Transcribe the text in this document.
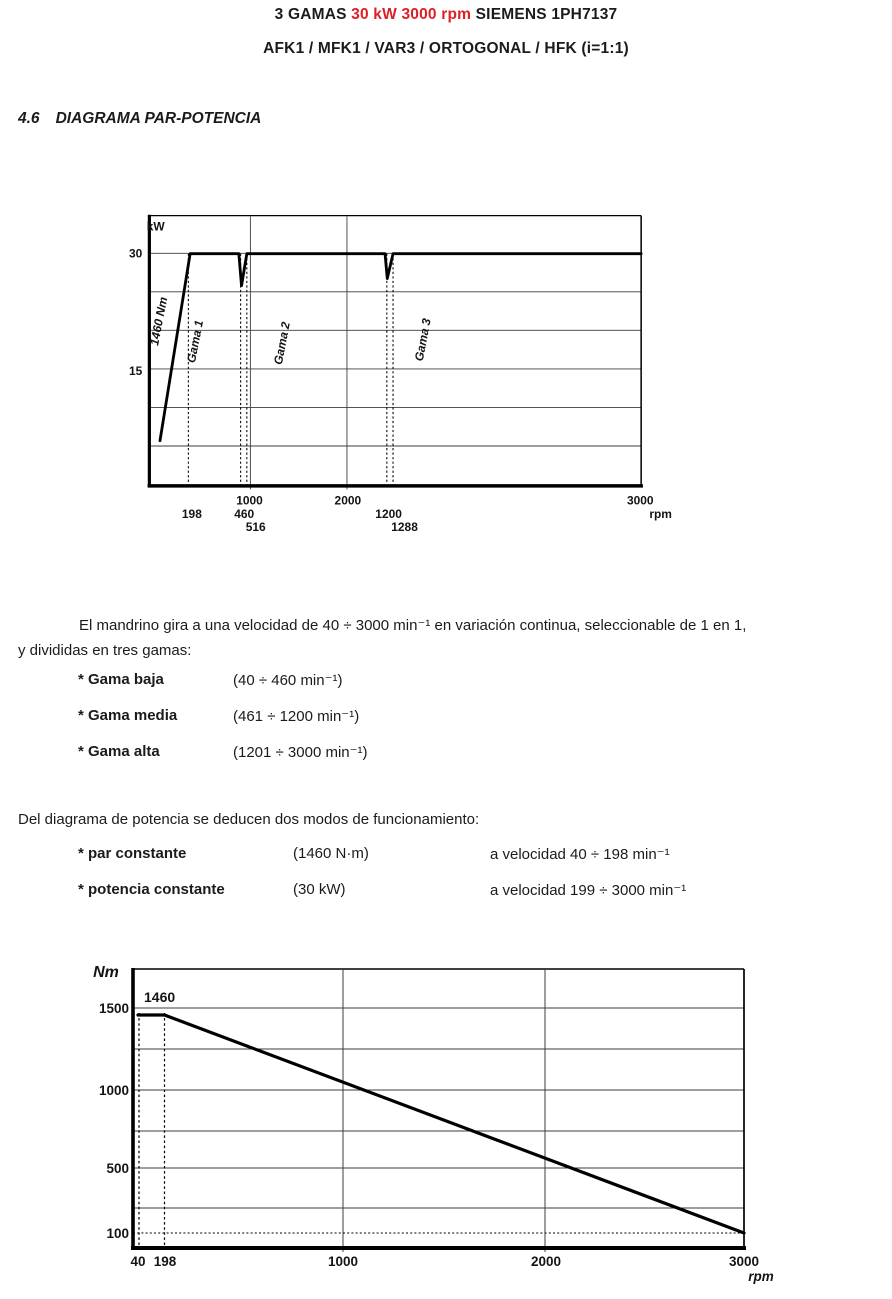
3 GAMAS 30 kW 3000 rpm SIEMENS 1PH7137
AFK1 / MFK1 / VAR3 / ORTOGONAL / HFK (i=1:1)
4.6 DIAGRAMA PAR-POTENCIA
kW
30
15
1460 Nm Gama 1	Gama 2	Gama 3
1000	2000	3000
198 460	1200	rpm
516	1288
El mandrino gira a una velocidad de 40 ÷ 3000 min⁻¹ en variación continua, seleccionable de 1 en 1,
y divididas en tres gamas:
* Gama baja	(40 ÷ 460 min⁻¹)
* Gama media	(461 ÷ 1200 min⁻¹)
* Gama alta	(1201 ÷ 3000 min⁻¹)
Del diagrama de potencia se deducen dos modos de funcionamiento:
* par constante	(1460 N·m)	a velocidad 40 ÷ 198 min⁻¹
* potencia constante	(30 kW)	a velocidad 199 ÷ 3000 min⁻¹
Nm
1460
1500
1000
500
100
40 198	1000	2000	3000
rpm
